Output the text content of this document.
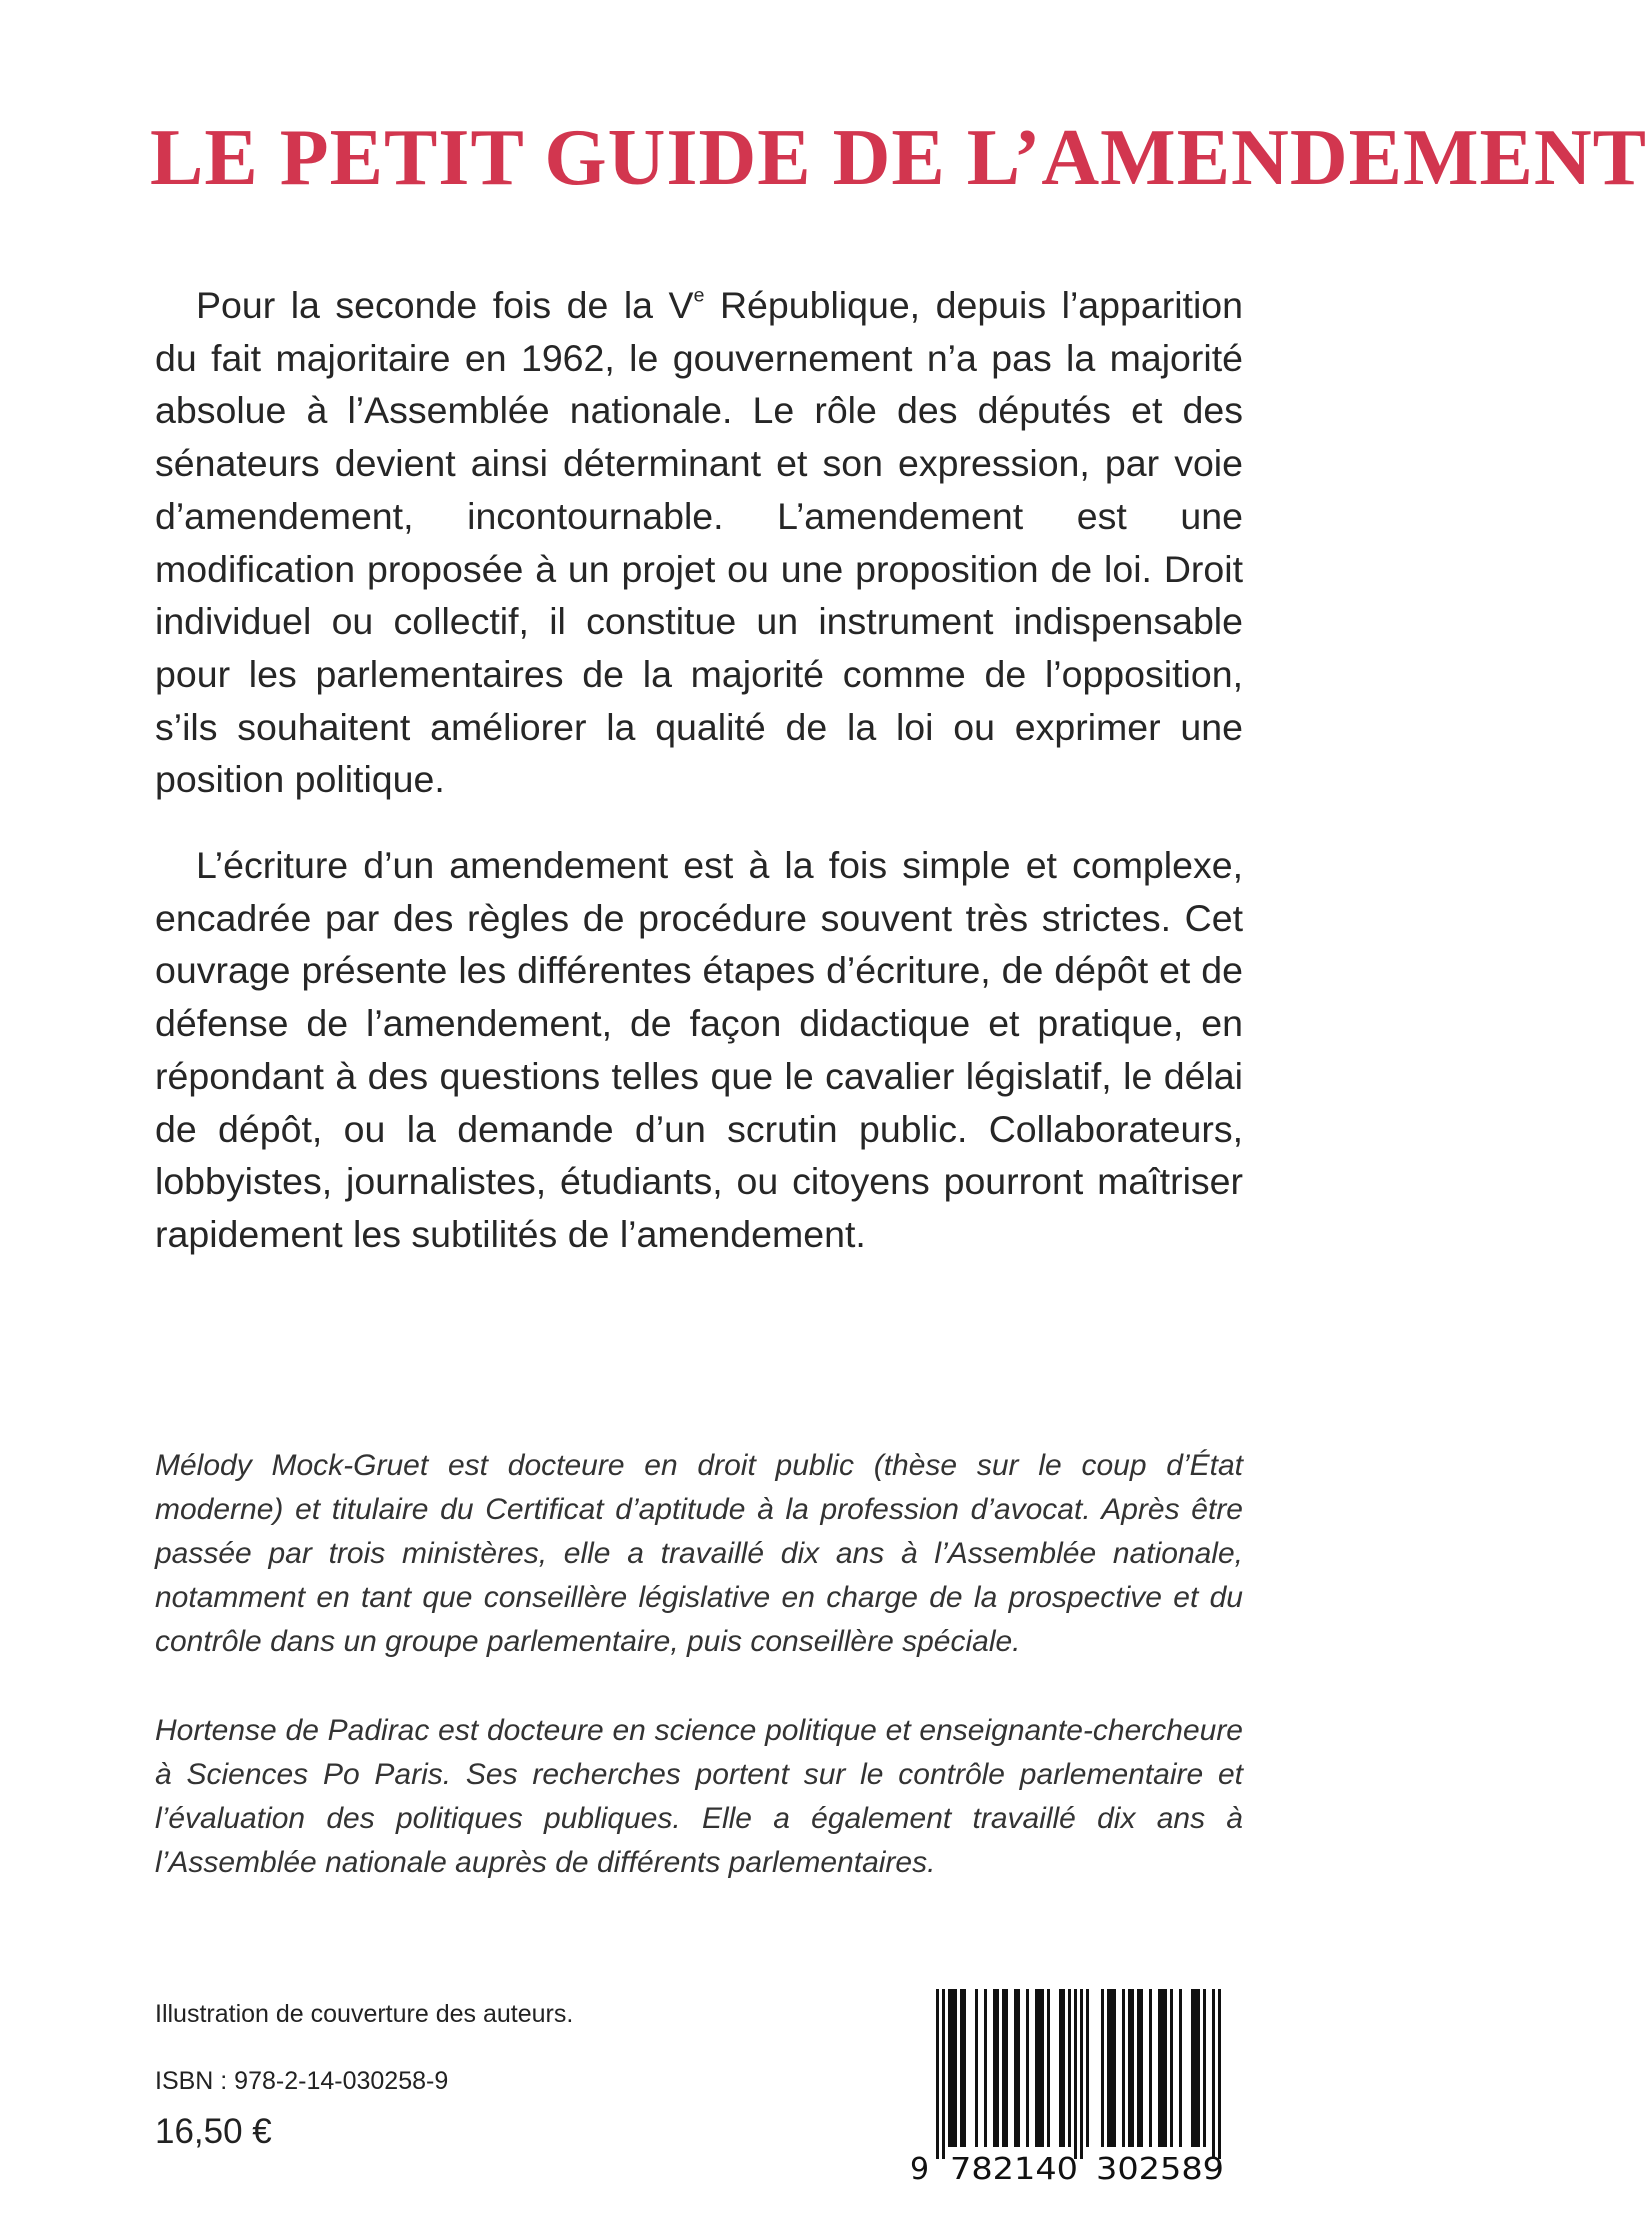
LE PETIT GUIDE DE L’AMENDEMENT

Pour la seconde fois de la Ve République, depuis l’apparition du fait majoritaire en 1962, le gouvernement n’a pas la majorité absolue à l’Assemblée nationale. Le rôle des députés et des sénateurs devient ainsi déterminant et son expression, par voie d’amendement, incontournable. L’amendement est une modification proposée à un projet ou une proposition de loi. Droit individuel ou collectif, il constitue un instrument indispensable pour les parlementaires de la majorité comme de l’opposition, s’ils souhaitent améliorer la qualité de la loi ou exprimer une position politique.

L’écriture d’un amendement est à la fois simple et complexe, encadrée par des règles de procédure souvent très strictes. Cet ouvrage présente les différentes étapes d’écriture, de dépôt et de défense de l’amendement, de façon didactique et pratique, en répondant à des questions telles que le cavalier législatif, le délai de dépôt, ou la demande d’un scrutin public. Collaborateurs, lobbyistes, journalistes, étudiants, ou citoyens pourront maîtriser rapidement les subtilités de l’amendement.

Mélody Mock-Gruet est docteure en droit public (thèse sur le coup d’État moderne) et titulaire du Certificat d’aptitude à la profession d’avocat. Après être passée par trois ministères, elle a travaillé dix ans à l’Assemblée nationale, notamment en tant que conseillère législative en charge de la prospective et du contrôle dans un groupe parlementaire, puis conseillère spéciale.

Hortense de Padirac est docteure en science politique et enseignante-chercheure à Sciences Po Paris. Ses recherches portent sur le contrôle parlementaire et l’évaluation des politiques publiques. Elle a également travaillé dix ans à l’Assemblée nationale auprès de différents parlementaires.

Illustration de couverture des auteurs.

ISBN : 978-2-14-030258-9

16,50 €

9 782140 302589
